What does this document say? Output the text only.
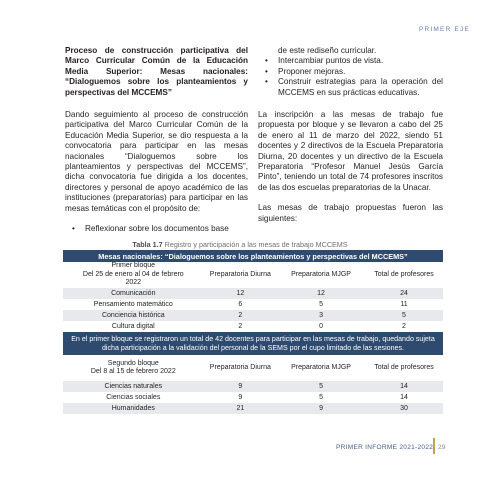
PRIMER EJE

Proceso de construcción participativa del Marco Curricular Común de la Educación Media Superior: Mesas nacionales: “Dialoguemos sobre los planteamientos y perspectivas del MCCEMS”

Dando seguimiento al proceso de construcción participativa del Marco Curricular Común de la Educación Media Superior, se dio respuesta a la convocatoria para participar en las mesas nacionales “Dialoguemos sobre los planteamientos y perspectivas del MCCEMS”, dicha convocatoria fue dirigida a los docentes, directores y personal de apoyo académico de las instituciones (preparatorias) para participar en las mesas temáticas con el propósito de:

• Reflexionar sobre los documentos base
de este rediseño curricular.
• Intercambiar puntos de vista.
• Proponer mejoras.
• Construir estrategias para la operación del MCCEMS en sus prácticas educativas.

La inscripción a las mesas de trabajo fue propuesta por bloque y se llevaron a cabo del 25 de enero al 11 de marzo del 2022, siendo 51 docentes y 2 directivos de la Escuela Preparatoria Diurna, 20 docentes y un directivo de la Escuela Preparatoria “Profesor Manuel Jesús García Pinto”, teniendo un total de 74 profesores inscritos de las dos escuelas preparatorias de la Unacar.

Las mesas de trabajo propuestas fueron las siguientes:

Tabla 1.7 Registro y participación a las mesas de trabajo MCCEMS
Mesas nacionales: “Dialoguemos sobre los planteamientos y perspectivas del MCCEMS”			
Primer bloque
Del 25 de enero al 04 de febrero
2022	Preparatoria Diurna	Preparatoria MJGP	Total de profesores
Comunicación	12	12	24
Pensamiento matemático	6	5	11
Conciencia histórica	2	3	5
Cultura digital	2	0	2
En el primer bloque se registraron un total de 42 docentes para participar en las mesas de trabajo, quedando sujeta dicha participación a la validación del personal de la SEMS por el cupo limitado de las sesiones.			
Segundo bloque
Del 8 al 15 de febrero 2022	Preparatoria Diurna	Preparatoria MJGP	Total de profesores
Ciencias naturales	9	5	14
Ciencias sociales	9	5	14
Humanidades	21	9	30
PRIMER INFORME 2021-2022 29
